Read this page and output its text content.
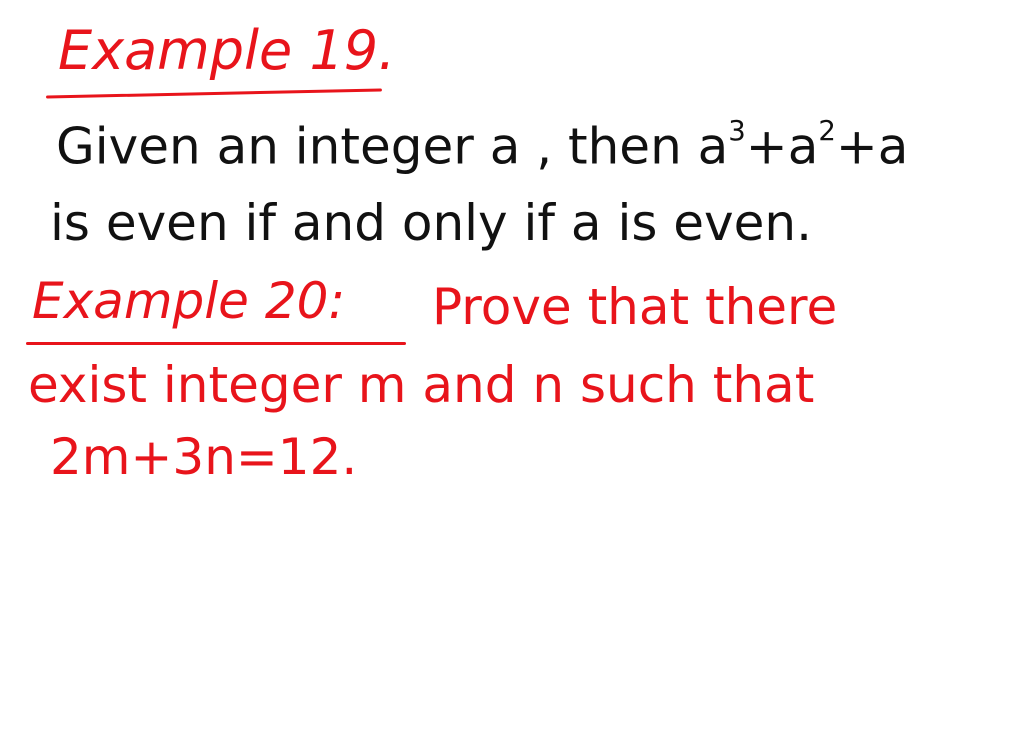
Example 19.
Given an integer a , then $a^3+a^2+a$
is even if and only if a is even.
Example 20: Prove that there
exist integer m and n such that
2m+3n=12.
